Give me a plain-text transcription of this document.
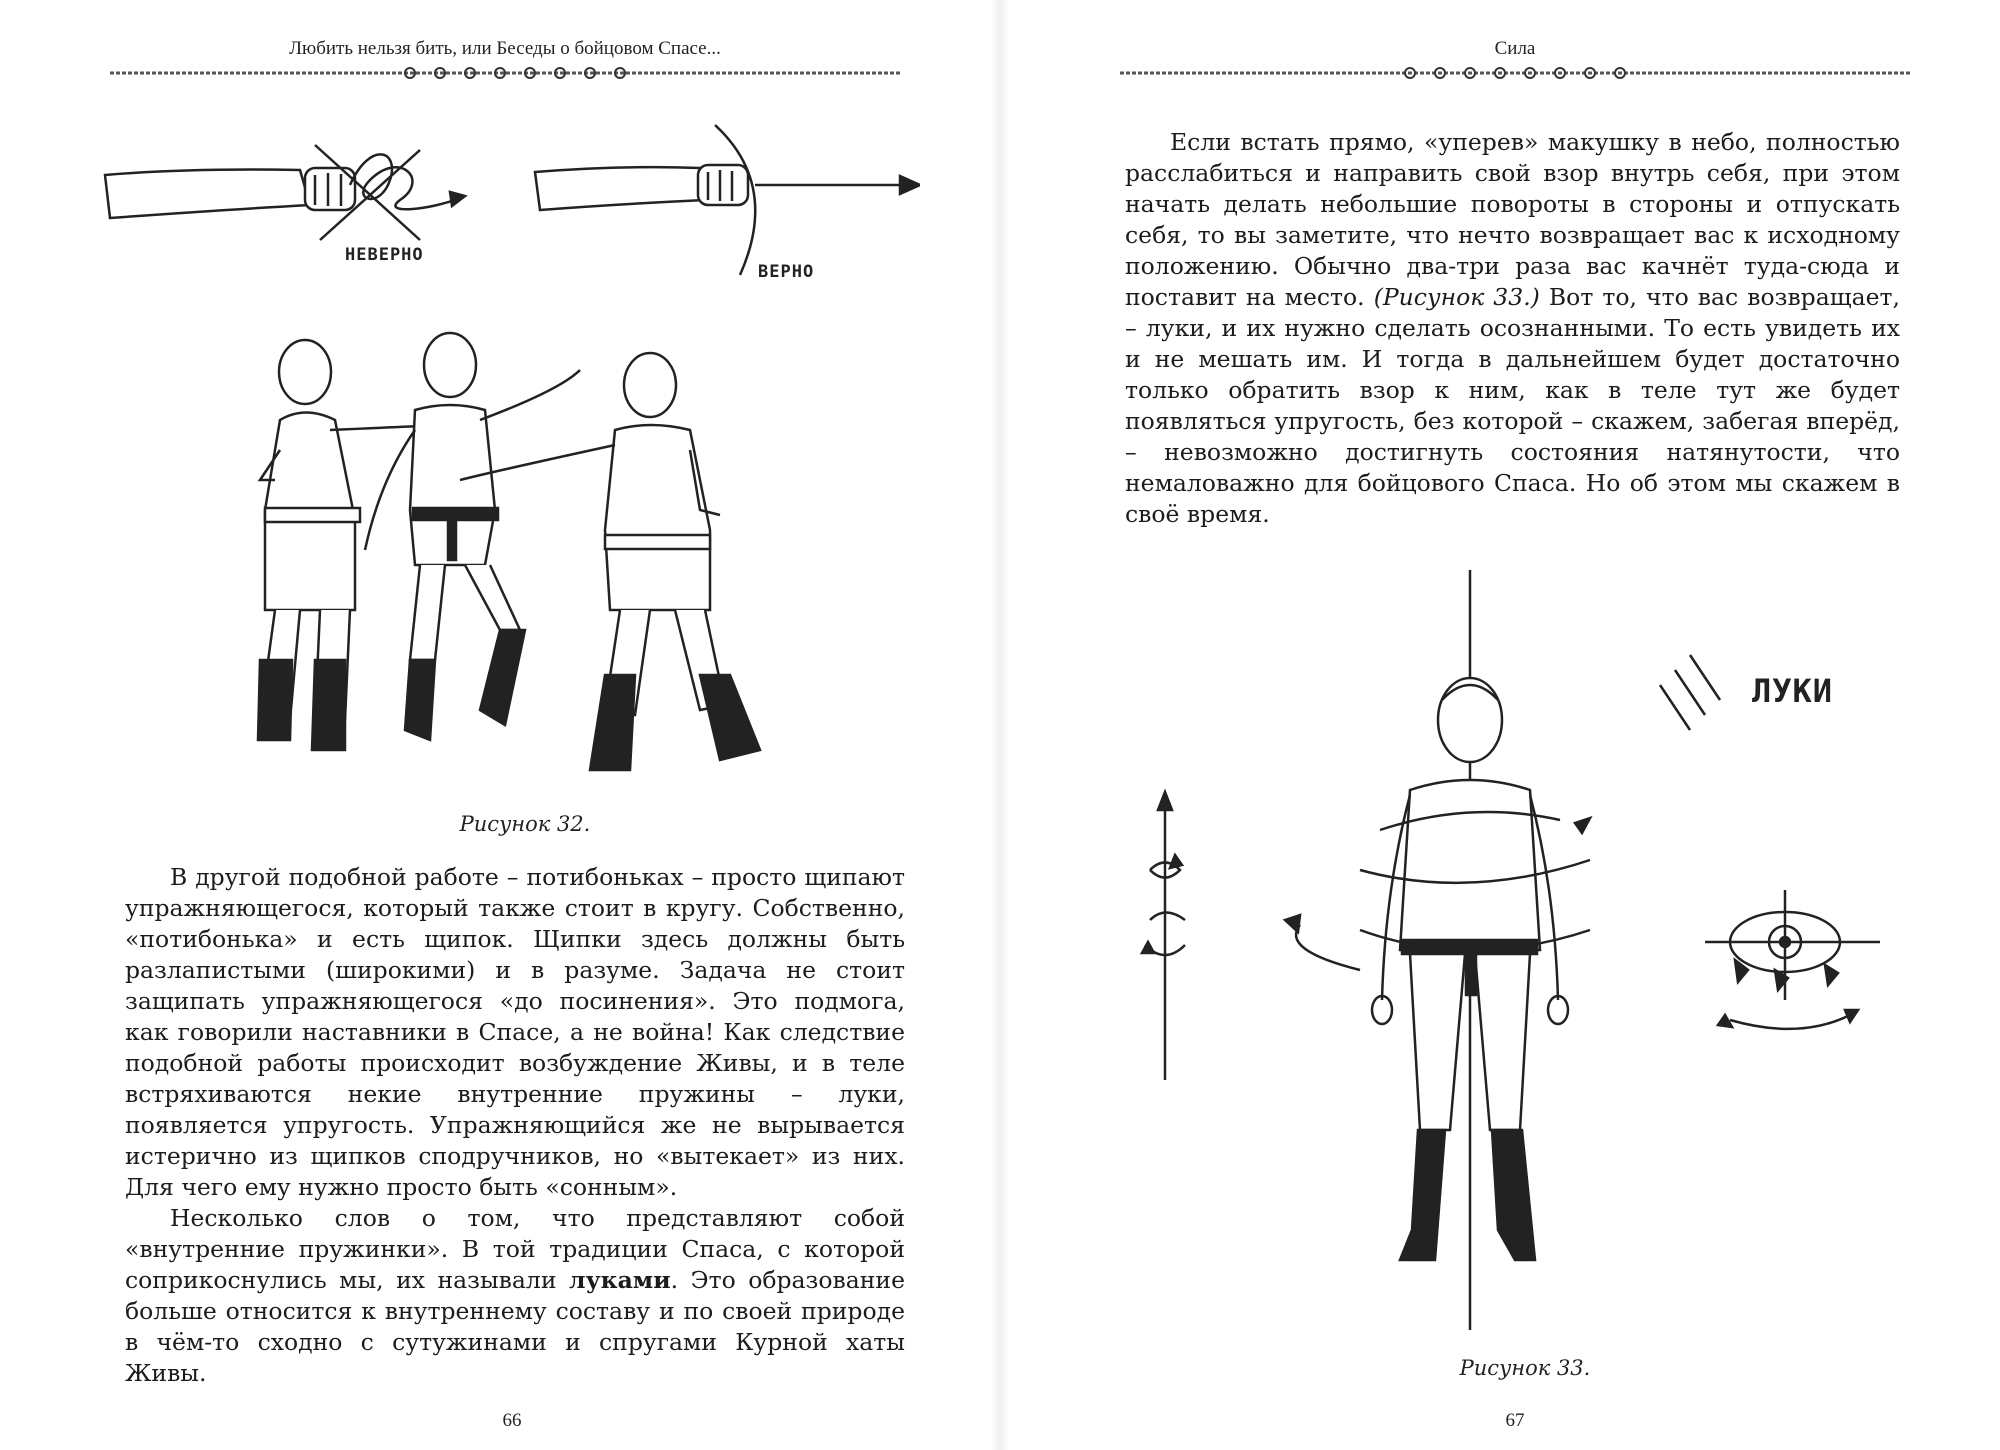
Любить нельзя бить, или Беседы о бойцовом Спасе...
НЕВЕРНО
ВЕРНО
Рисунок 32.

В другой подобной работе – потибоньках – просто щипают упражняющегося, который также стоит в кругу. Собственно, «потибонька» и есть щипок. Щипки здесь должны быть разлапистыми (широкими) и в разуме. Задача не стоит защипать упражняющегося «до посинения». Это подмога, как говорили наставники в Спасе, а не война! Как следствие подобной работы происходит возбуждение Живы, и в теле встряхиваются некие внутренние пружины – луки, появляется упругость. Упражняющийся же не вырывается истерично из щипков сподручников, но «вытекает» из них. Для чего ему нужно просто быть «сонным».

Несколько слов о том, что представляют собой «внутренние пружинки». В той традиции Спаса, с которой соприкоснулись мы, их называли луками. Это образование больше относится к внутреннему составу и по своей природе в чём-то сходно с сутужинами и спругами Курной хаты Живы.

66
Сила

Если встать прямо, «уперев» макушку в небо, полностью расслабиться и направить свой взор внутрь себя, при этом начать делать небольшие повороты в стороны и отпускать себя, то вы заметите, что нечто возвращает вас к исходному положению. Обычно два-три раза вас качнёт туда-сюда и поставит на место. (Рисунок 33.) Вот то, что вас возвращает, – луки, и их нужно сделать осознанными. То есть увидеть их и не мешать им. И тогда в дальнейшем будет достаточно только обратить взор к ним, как в теле тут же будет появляться упругость, без которой – скажем, забегая вперёд, – невозможно достигнуть состояния натянутости, что немаловажно для бойцового Спаса. Но об этом мы скажем в своё время.

ЛУКИ
Рисунок 33.
67
